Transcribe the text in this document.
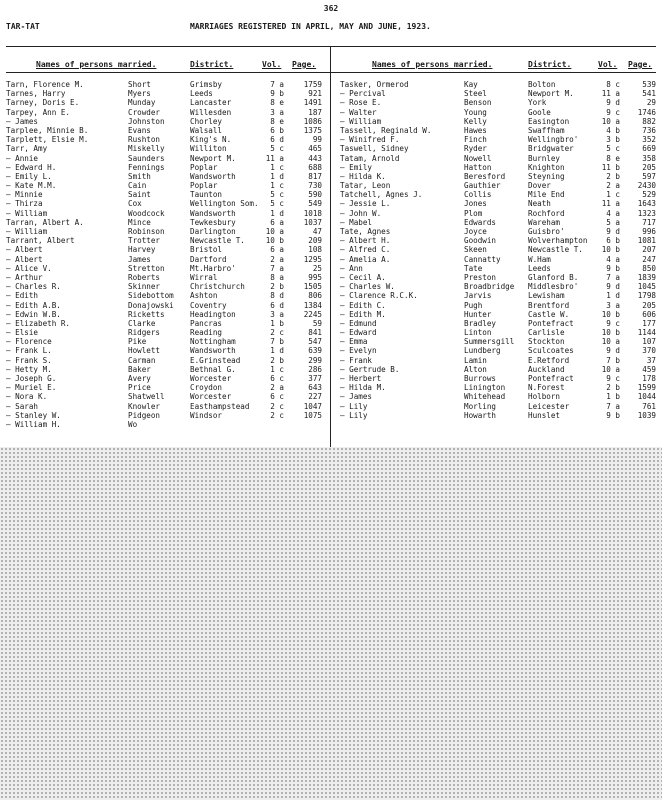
362
TAR-TAT	MARRIAGES REGISTERED IN APRIL, MAY AND JUNE, 1923.
Names of persons married.	District.	Vol. Page.	Names of persons married.	District.	Vol. Page.
Tarn, Florence M.	Short	Grimsby	7 a	1759
Tarnes, Harry	Myers	Leeds	9 b	921
Tarney, Doris E.	Munday	Lancaster	8 e	1491
Tarpey, Ann E.	Crowder	Willesden	3 a	187
— James	Johnston	Chorley	8 e	1086
Tarplee, Minnie B.	Evans	Walsall	6 b	1375
Tarplett, Elsie M.	Rushton	King's N.	6 d	99
Tarr, Amy	Miskelly	Williton	5 c	465
— Annie	Saunders	Newport M.	11 a	443
— Edward H.	Fennings	Poplar	1 c	688
— Emily L.	Smith	Wandsworth	1 d	817
— Kate M.M.	Cain	Poplar	1 c	730
— Minnie	Saint	Taunton	5 c	590
— Thirza	Cox	Wellington Som.	5 c	549
— William	Woodcock	Wandsworth	1 d	1018
Tarran, Albert A.	Mince	Tewkesbury	6 a	1037
— William	Robinson	Darlington	10 a	47
Tarrant, Albert	Trotter	Newcastle T.	10 b	209
— Albert	Harvey	Bristol	6 a	108
— Albert	James	Dartford	2 a	1295
— Alice V.	Stretton	Mt.Harbro'	7 a	25
— Arthur	Roberts	Wirral	8 a	995
— Charles R.	Skinner	Christchurch	2 b	1505
— Edith	Sidebottom Ashton	8 d	806
— Edith A.B.	Donajowski Coventry	6 d	1384
— Edwin W.B.	Ricketts	Headington	3 a	2245
— Elizabeth R.	Clarke	Pancras	1 b	59
— Elsie	Ridgers	Reading	2 c	841
— Florence	Pike	Nottingham	7 b	547
— Frank L.	Howlett	Wandsworth	1 d	639
— Frank S.	Carman	E.Grinstead	2 b	299
— Hetty M.	Baker	Bethnal G.	1 c	286
— Joseph G.	Avery	Worcester	6 c	377
— Muriel E.	Price	Croydon	2 a	643
— Nora K.	Shatwell	Worcester	6 c	227
— Sarah	Knowler	Easthampstead	2 c	1047
— Stanley W.	Pidgeon	Windsor	2 c	1075
— William H.	Wo
Tasker, Ormerod	Kay	Bolton	8 c	539
— Percival	Steel	Newport M.	11 a	541
— Rose E.	Benson	York	9 d	29
— Walter	Young	Goole	9 c	1746
— William	Kelly	Easington	10 a	882
Tassell, Reginald W.	Hawes	Swaffham	4 b	736
— Winifred F.	Finch	Wellingbro'	3 b	352
Taswell, Sidney	Ryder	Bridgwater	5 c	669
Tatam, Arnold	Nowell	Burnley	8 e	358
— Emily	Hatton	Knighton	11 b	205
— Hilda K.	Beresford	Steyning	2 b	597
Tatar, Leon	Gauthier	Dover	2 a	2430
Tatchell, Agnes J.	Collis	Mile End	1 c	529
— Jessie L.	Jones	Neath	11 a	1643
— John W.	Plom	Rochford	4 a	1323
— Mabel	Edwards	Wareham	5 a	717
Tate, Agnes	Joyce	Guisbro'	9 d	996
— Albert H.	Goodwin	Wolverhampton	6 b	1081
— Alfred C.	Skeen	Newcastle T.	10 b	207
— Amelia A.	Cannatty	W.Ham	4 a	247
— Ann	Tate	Leeds	9 b	850
— Cecil A.	Preston	Glanford B.	7 a	1839
— Charles W.	Broadbridge Middlesbro'	9 d	1045
— Clarence R.C.K.	Jarvis	Lewisham	1 d	1798
— Edith C.	Pugh	Brentford	3 a	205
— Edith M.	Hunter	Castle W.	10 b	606
— Edmund	Bradley	Pontefract	9 c	177
— Edward	Linton	Carlisle	10 b	1144
— Emma	Summersgill Stockton	10 a	107
— Evelyn	Lundberg	Sculcoates	9 d	370
— Frank	Lamin	E.Retford	7 b	37
— Gertrude B.	Alton	Auckland	10 a	459
— Herbert	Burrows	Pontefract	9 c	178
— Hilda M.	Linington	N.Forest	2 b	1599
— James	Whitehead	Holborn	1 b	1044
— Lily	Morling	Leicester	7 a	761
— Lily	Howarth	Hunslet	9 b	1039
